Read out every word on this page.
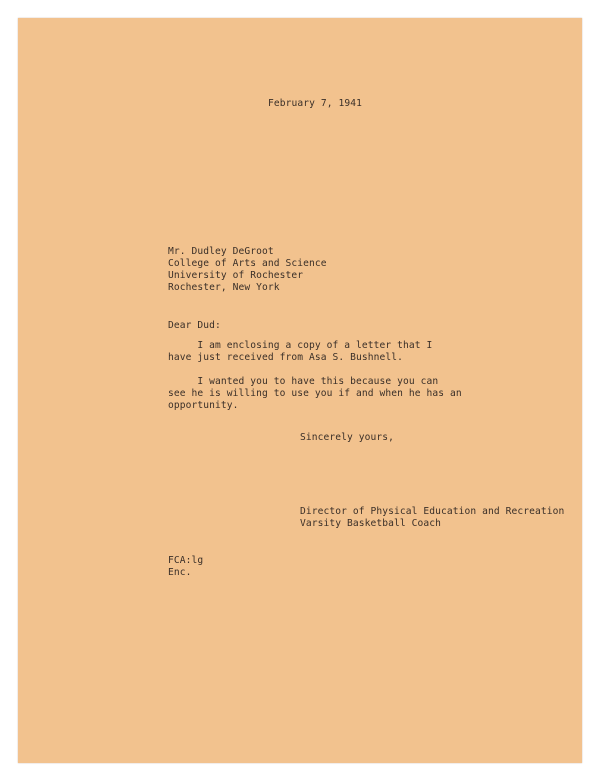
February 7, 1941
Mr. Dudley DeGroot
College of Arts and Science
University of Rochester
Rochester, New York
Dear Dud:
I am enclosing a copy of a letter that I
have just received from Asa S. Bushnell.
I wanted you to have this because you can
see he is willing to use you if and when he has an
opportunity.
Sincerely yours,
Director of Physical Education and Recreation
Varsity Basketball Coach
FCA:lg
Enc.
